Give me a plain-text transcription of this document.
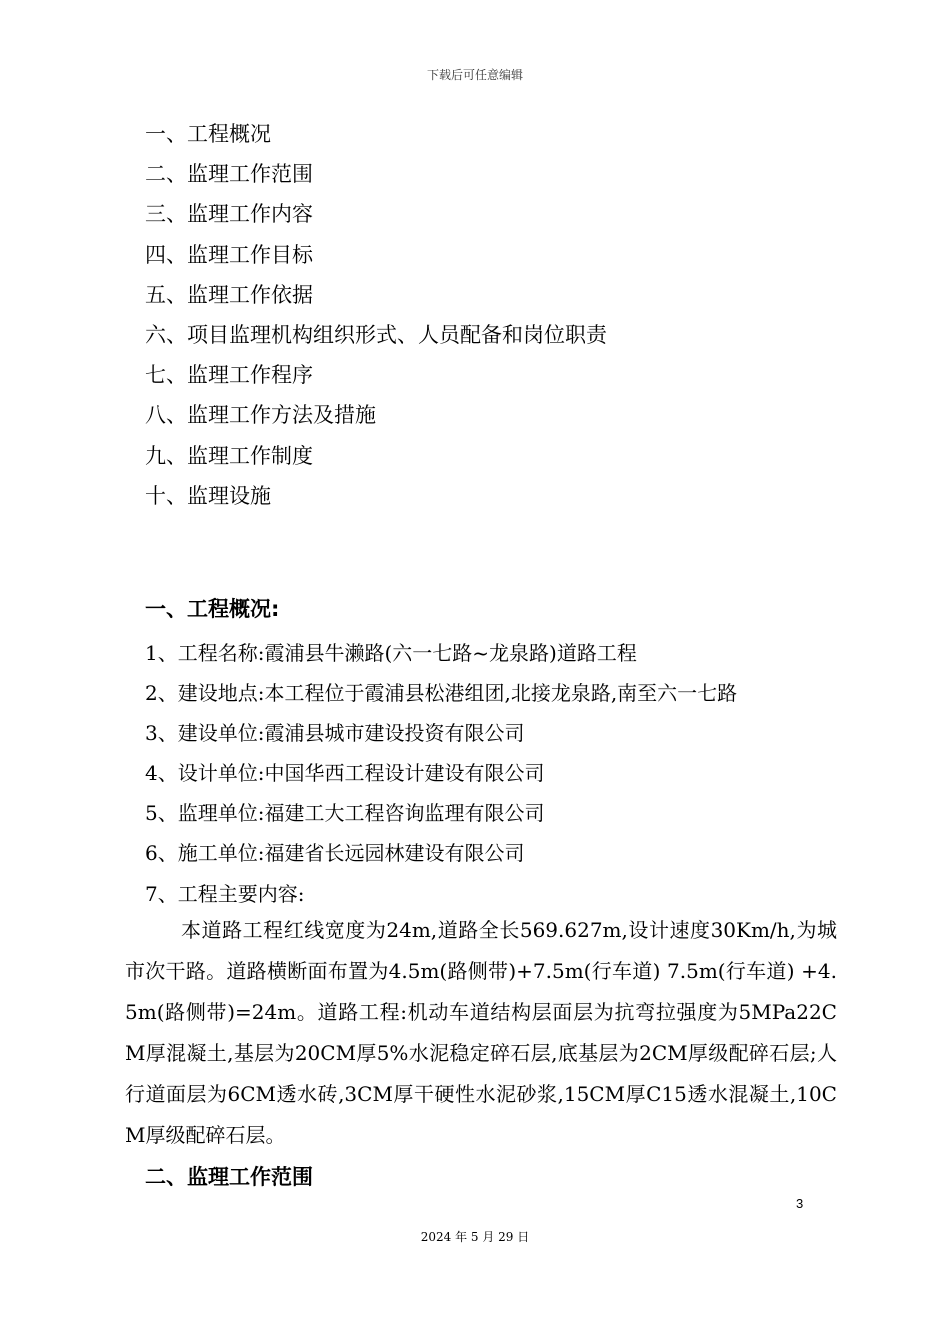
下载后可任意编辑
一、工程概况
二、监理工作范围
三、监理工作内容
四、监理工作目标
五、监理工作依据
六、项目监理机构组织形式、人员配备和岗位职责
七、监理工作程序
八、监理工作方法及措施
九、监理工作制度
十、监理设施
一、工程概况:
1、工程名称:霞浦县牛濑路(六一七路~龙泉路)道路工程
2、建设地点:本工程位于霞浦县松港组团,北接龙泉路,南至六一七路
3、建设单位:霞浦县城市建设投资有限公司
4、设计单位:中国华西工程设计建设有限公司
5、监理单位:福建工大工程咨询监理有限公司
6、施工单位:福建省长远园林建设有限公司
7、工程主要内容:
本道路工程红线宽度为24m,道路全长569.627m,设计速度30Km/h,为城市次干路。道路横断面布置为4.5m(路侧带)+7.5m(行车道) 7.5m(行车道) +4.5m(路侧带)=24m。道路工程:机动车道结构层面层为抗弯拉强度为5MPa22CM厚混凝土,基层为20CM厚5%水泥稳定碎石层,底基层为2CM厚级配碎石层;人行道面层为6CM透水砖,3CM厚干硬性水泥砂浆,15CM厚C15透水混凝土,10CM厚级配碎石层。
二、监理工作范围
3
2024 年 5 月 29 日
